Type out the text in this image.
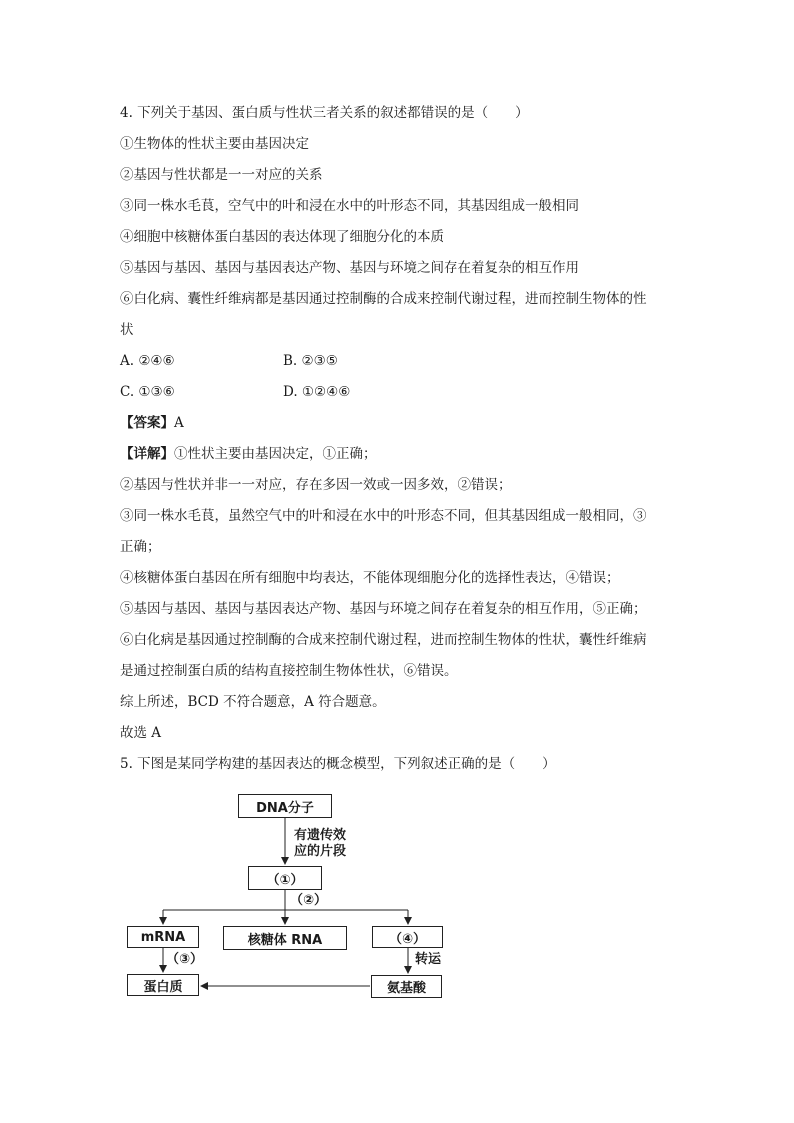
4. 下列关于基因、蛋白质与性状三者关系的叙述都错误的是（　　）
①生物体的性状主要由基因决定
②基因与性状都是一一对应的关系
③同一株水毛茛，空气中的叶和浸在水中的叶形态不同，其基因组成一般相同
④细胞中核糖体蛋白基因的表达体现了细胞分化的本质
⑤基因与基因、基因与基因表达产物、基因与环境之间存在着复杂的相互作用
⑥白化病、囊性纤维病都是基因通过控制酶的合成来控制代谢过程，进而控制生物体的性
状
A. ②④⑥	B. ②③⑤
C. ①③⑥	D. ①②④⑥
【答案】A
【详解】①性状主要由基因决定，①正确；
②基因与性状并非一一对应，存在多因一效或一因多效，②错误；
③同一株水毛茛，虽然空气中的叶和浸在水中的叶形态不同，但其基因组成一般相同，③
正确；
④核糖体蛋白基因在所有细胞中均表达，不能体现细胞分化的选择性表达，④错误；
⑤基因与基因、基因与基因表达产物、基因与环境之间存在着复杂的相互作用，⑤正确；
⑥白化病是基因通过控制酶的合成来控制代谢过程，进而控制生物体的性状，囊性纤维病
是通过控制蛋白质的结构直接控制生物体性状，⑥错误。
综上所述，BCD 不符合题意，A 符合题意。
故选 A
5. 下图是某同学构建的基因表达的概念模型，下列叙述正确的是（　　）
DNA分子
有遗传效
应的片段
（①）
（②）
mRNA	核糖体 RNA	（④）
（③）	转运
蛋白质	氨基酸
